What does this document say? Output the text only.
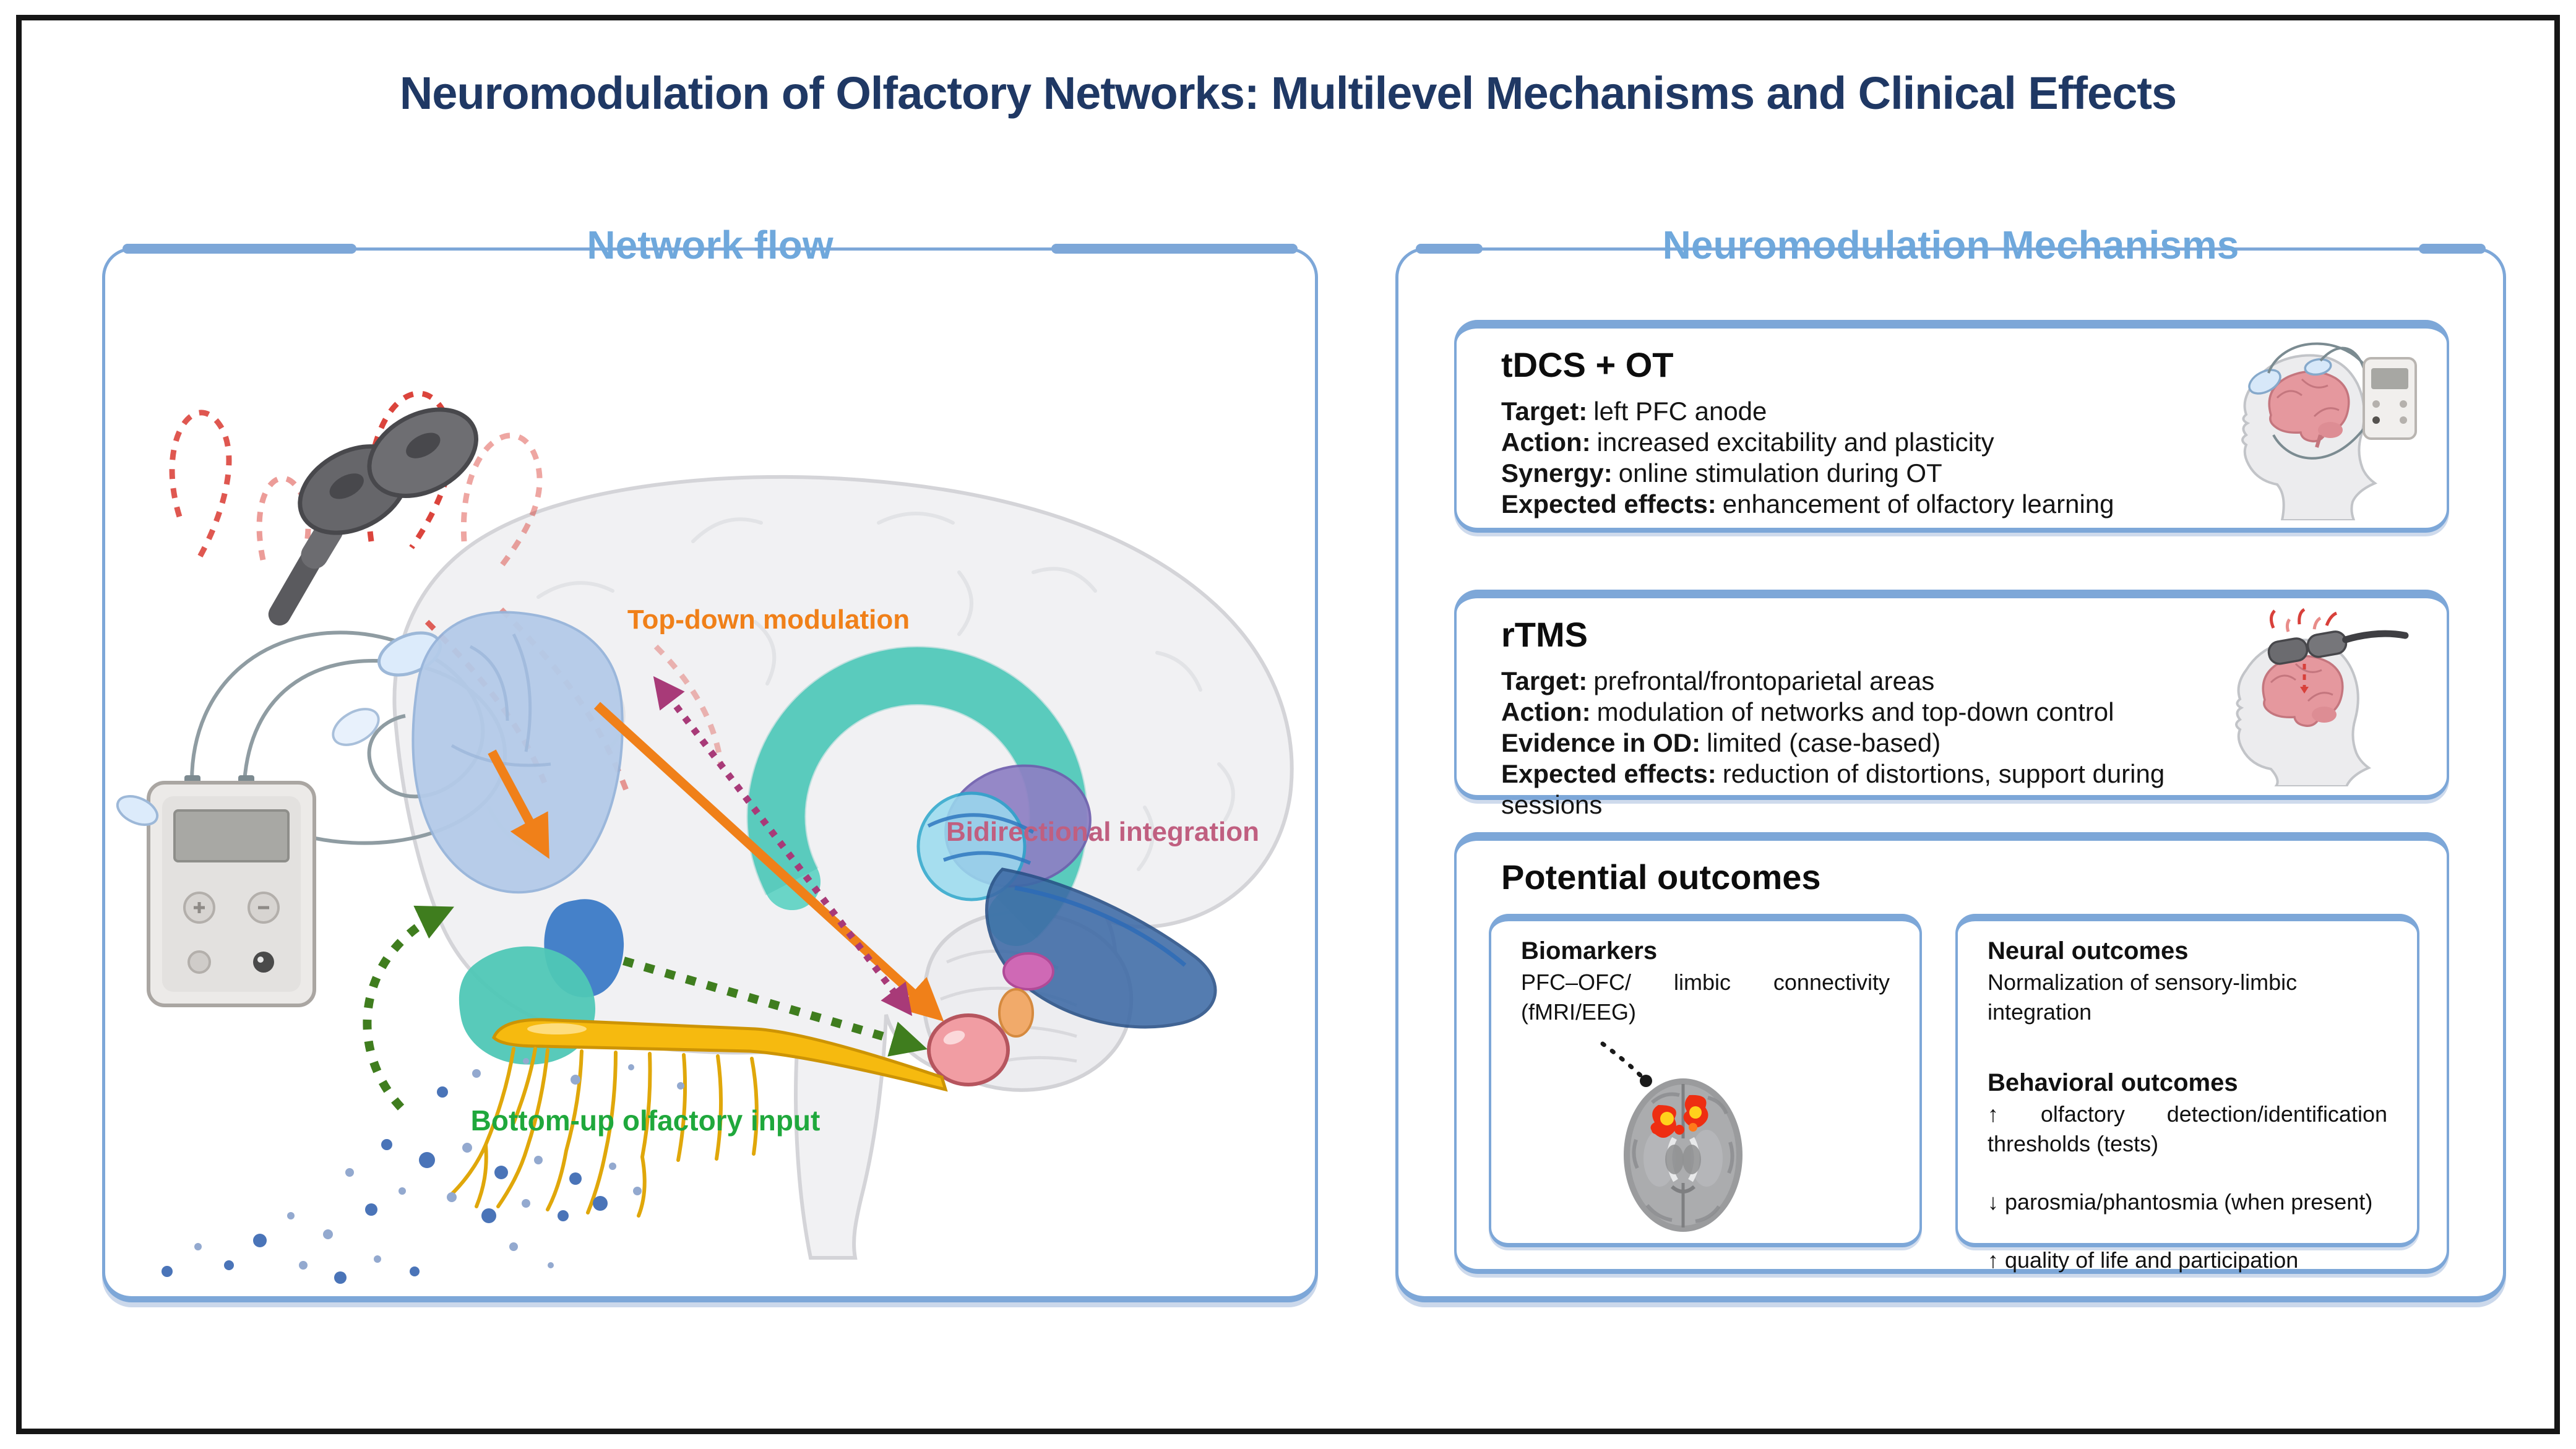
Neuromodulation of Olfactory Networks: Multilevel Mechanisms and Clinical Effects
Network flow
Top-down modulation
Bidirectional integration
Bottom-up olfactory input
Neuromodulation Mechanisms
tDCS + OT
Target: left PFC anode
Action: increased excitability and plasticity
Synergy: online stimulation during OT
Expected effects: enhancement of olfactory learning
rTMS
Target: prefrontal/frontoparietal areas
Action: modulation of networks and top-down control
Evidence in OD: limited (case-based)
Expected effects: reduction of distortions, support during sessions
Potential outcomes
Biomarkers

PFC–OFC/ limbic connectivity (fMRI/EEG)

Neural outcomes

Normalization of sensory-limbic integration

Behavioral outcomes

↑ olfactory detection/identification thresholds (tests)

↓ parosmia/phantosmia (when present)

↑ quality of life and participation
